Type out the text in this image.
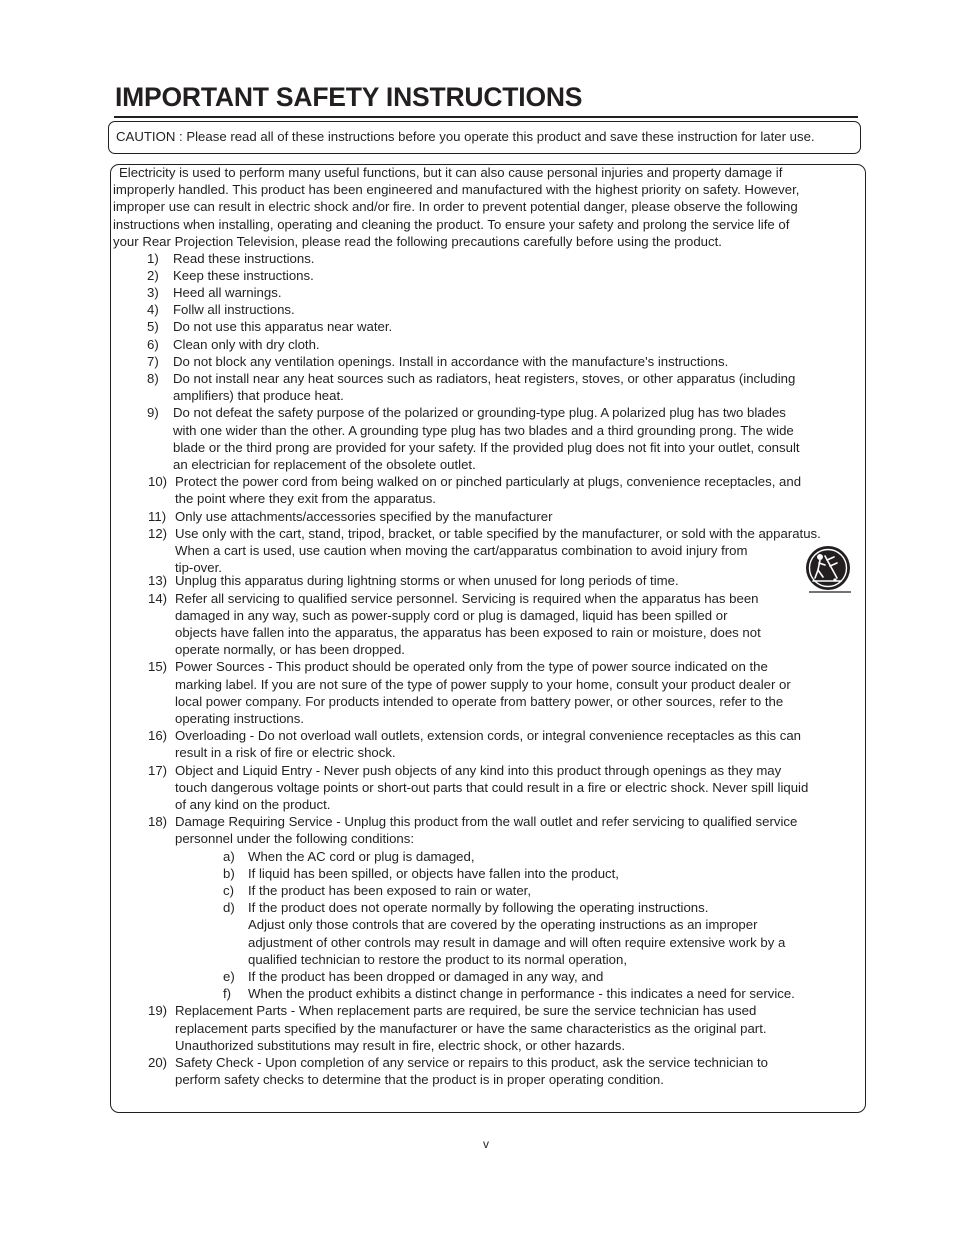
IMPORTANT SAFETY INSTRUCTIONS
CAUTION : Please read all of these instructions before you operate this product and save these instruction for later use.
Electricity is used to perform many useful functions, but it can also cause personal injuries and property damage if
improperly handled. This product has been engineered and manufactured with the highest priority on safety. However,
improper use can result in electric shock and/or fire. In order to prevent potential danger, please observe the following
instructions when installing, operating and cleaning the product. To ensure your safety and prolong the service life of
your Rear Projection Television, please read the following precautions carefully before using the product.
1) Read these instructions.
2) Keep these instructions.
3) Heed all warnings.
4) Follw all instructions.
5) Do not use this apparatus near water.
6) Clean only with dry cloth.
7) Do not block any ventilation openings. Install in accordance with the manufacture's instructions.
8) Do not install near any heat sources such as radiators, heat registers, stoves, or other apparatus (including
amplifiers) that produce heat.
9) Do not defeat the safety purpose of the polarized or grounding-type plug. A polarized plug has two blades
with one wider than the other. A grounding type plug has two blades and a third grounding prong. The wide
blade or the third prong are provided for your safety. If the provided plug does not fit into your outlet, consult
an electrician for replacement of the obsolete outlet.
10) Protect the power cord from being walked on or pinched particularly at plugs, convenience receptacles, and
the point where they exit from the apparatus.
11) Only use attachments/accessories specified by the manufacturer
12) Use only with the cart, stand, tripod, bracket, or table specified by the manufacturer, or sold with the apparatus.
When a cart is used, use caution when moving the cart/apparatus combination to avoid injury from
tip-over.
13) Unplug this apparatus during lightning storms or when unused for long periods of time.
14) Refer all servicing to qualified service personnel. Servicing is required when the apparatus has been
damaged in any way, such as power-supply cord or plug is damaged, liquid has been spilled or
objects have fallen into the apparatus, the apparatus has been exposed to rain or moisture, does not
operate normally, or has been dropped.
15) Power Sources - This product should be operated only from the type of power source indicated on the
marking label. If you are not sure of the type of power supply to your home, consult your product dealer or
local power company. For products intended to operate from battery power, or other sources, refer to the
operating instructions.
16) Overloading - Do not overload wall outlets, extension cords, or integral convenience receptacles as this can
result in a risk of fire or electric shock.
17) Object and Liquid Entry - Never push objects of any kind into this product through openings as they may
touch dangerous voltage points or short-out parts that could result in a fire or electric shock. Never spill liquid
of any kind on the product.
18) Damage Requiring Service - Unplug this product from the wall outlet and refer servicing to qualified service
personnel under the following conditions:
a) When the AC cord or plug is damaged,
b) If liquid has been spilled, or objects have fallen into the product,
c) If the product has been exposed to rain or water,
d) If the product does not operate normally by following the operating instructions.
Adjust only those controls that are covered by the operating instructions as an improper
adjustment of other controls may result in damage and will often require extensive work by a
qualified technician to restore the product to its normal operation,
e) If the product has been dropped or damaged in any way, and
f) When the product exhibits a distinct change in performance - this indicates a need for service.
19) Replacement Parts - When replacement parts are required, be sure the service technician has used
replacement parts specified by the manufacturer or have the same characteristics as the original part.
Unauthorized substitutions may result in fire, electric shock, or other hazards.
20) Safety Check - Upon completion of any service or repairs to this product, ask the service technician to
perform safety checks to determine that the product is in proper operating condition.
v
